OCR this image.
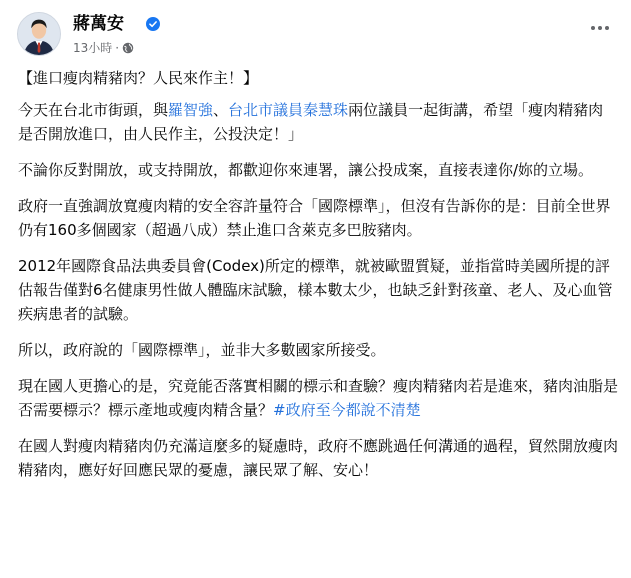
蔣萬安
13小時 ·

【進口瘦肉精豬肉？人民來作主！】

今天在台北市街頭，與羅智強、台北市議員秦慧珠兩位議員一起街講，希望「瘦肉精豬肉是否開放進口，由人民作主，公投決定！」

不論你反對開放，或支持開放，都歡迎你來連署，讓公投成案，直接表達你/妳的立場。

政府一直強調放寬瘦肉精的安全容許量符合「國際標準」，但沒有告訴你的是：目前全世界仍有160多個國家（超過八成）禁止進口含萊克多巴胺豬肉。

2012年國際食品法典委員會(Codex)所定的標準，就被歐盟質疑，並指當時美國所提的評估報告僅對6名健康男性做人體臨床試驗，樣本數太少，也缺乏針對孩童、老人、及心血管疾病患者的試驗。

所以，政府說的「國際標準」，並非大多數國家所接受。

現在國人更擔心的是，究竟能否落實相關的標示和查驗？瘦肉精豬肉若是進來，豬肉油脂是否需要標示？標示產地或瘦肉精含量？#政府至今都說不清楚

在國人對瘦肉精豬肉仍充滿這麼多的疑慮時，政府不應跳過任何溝通的過程，貿然開放瘦肉精豬肉，應好好回應民眾的憂慮，讓民眾了解、安心！
